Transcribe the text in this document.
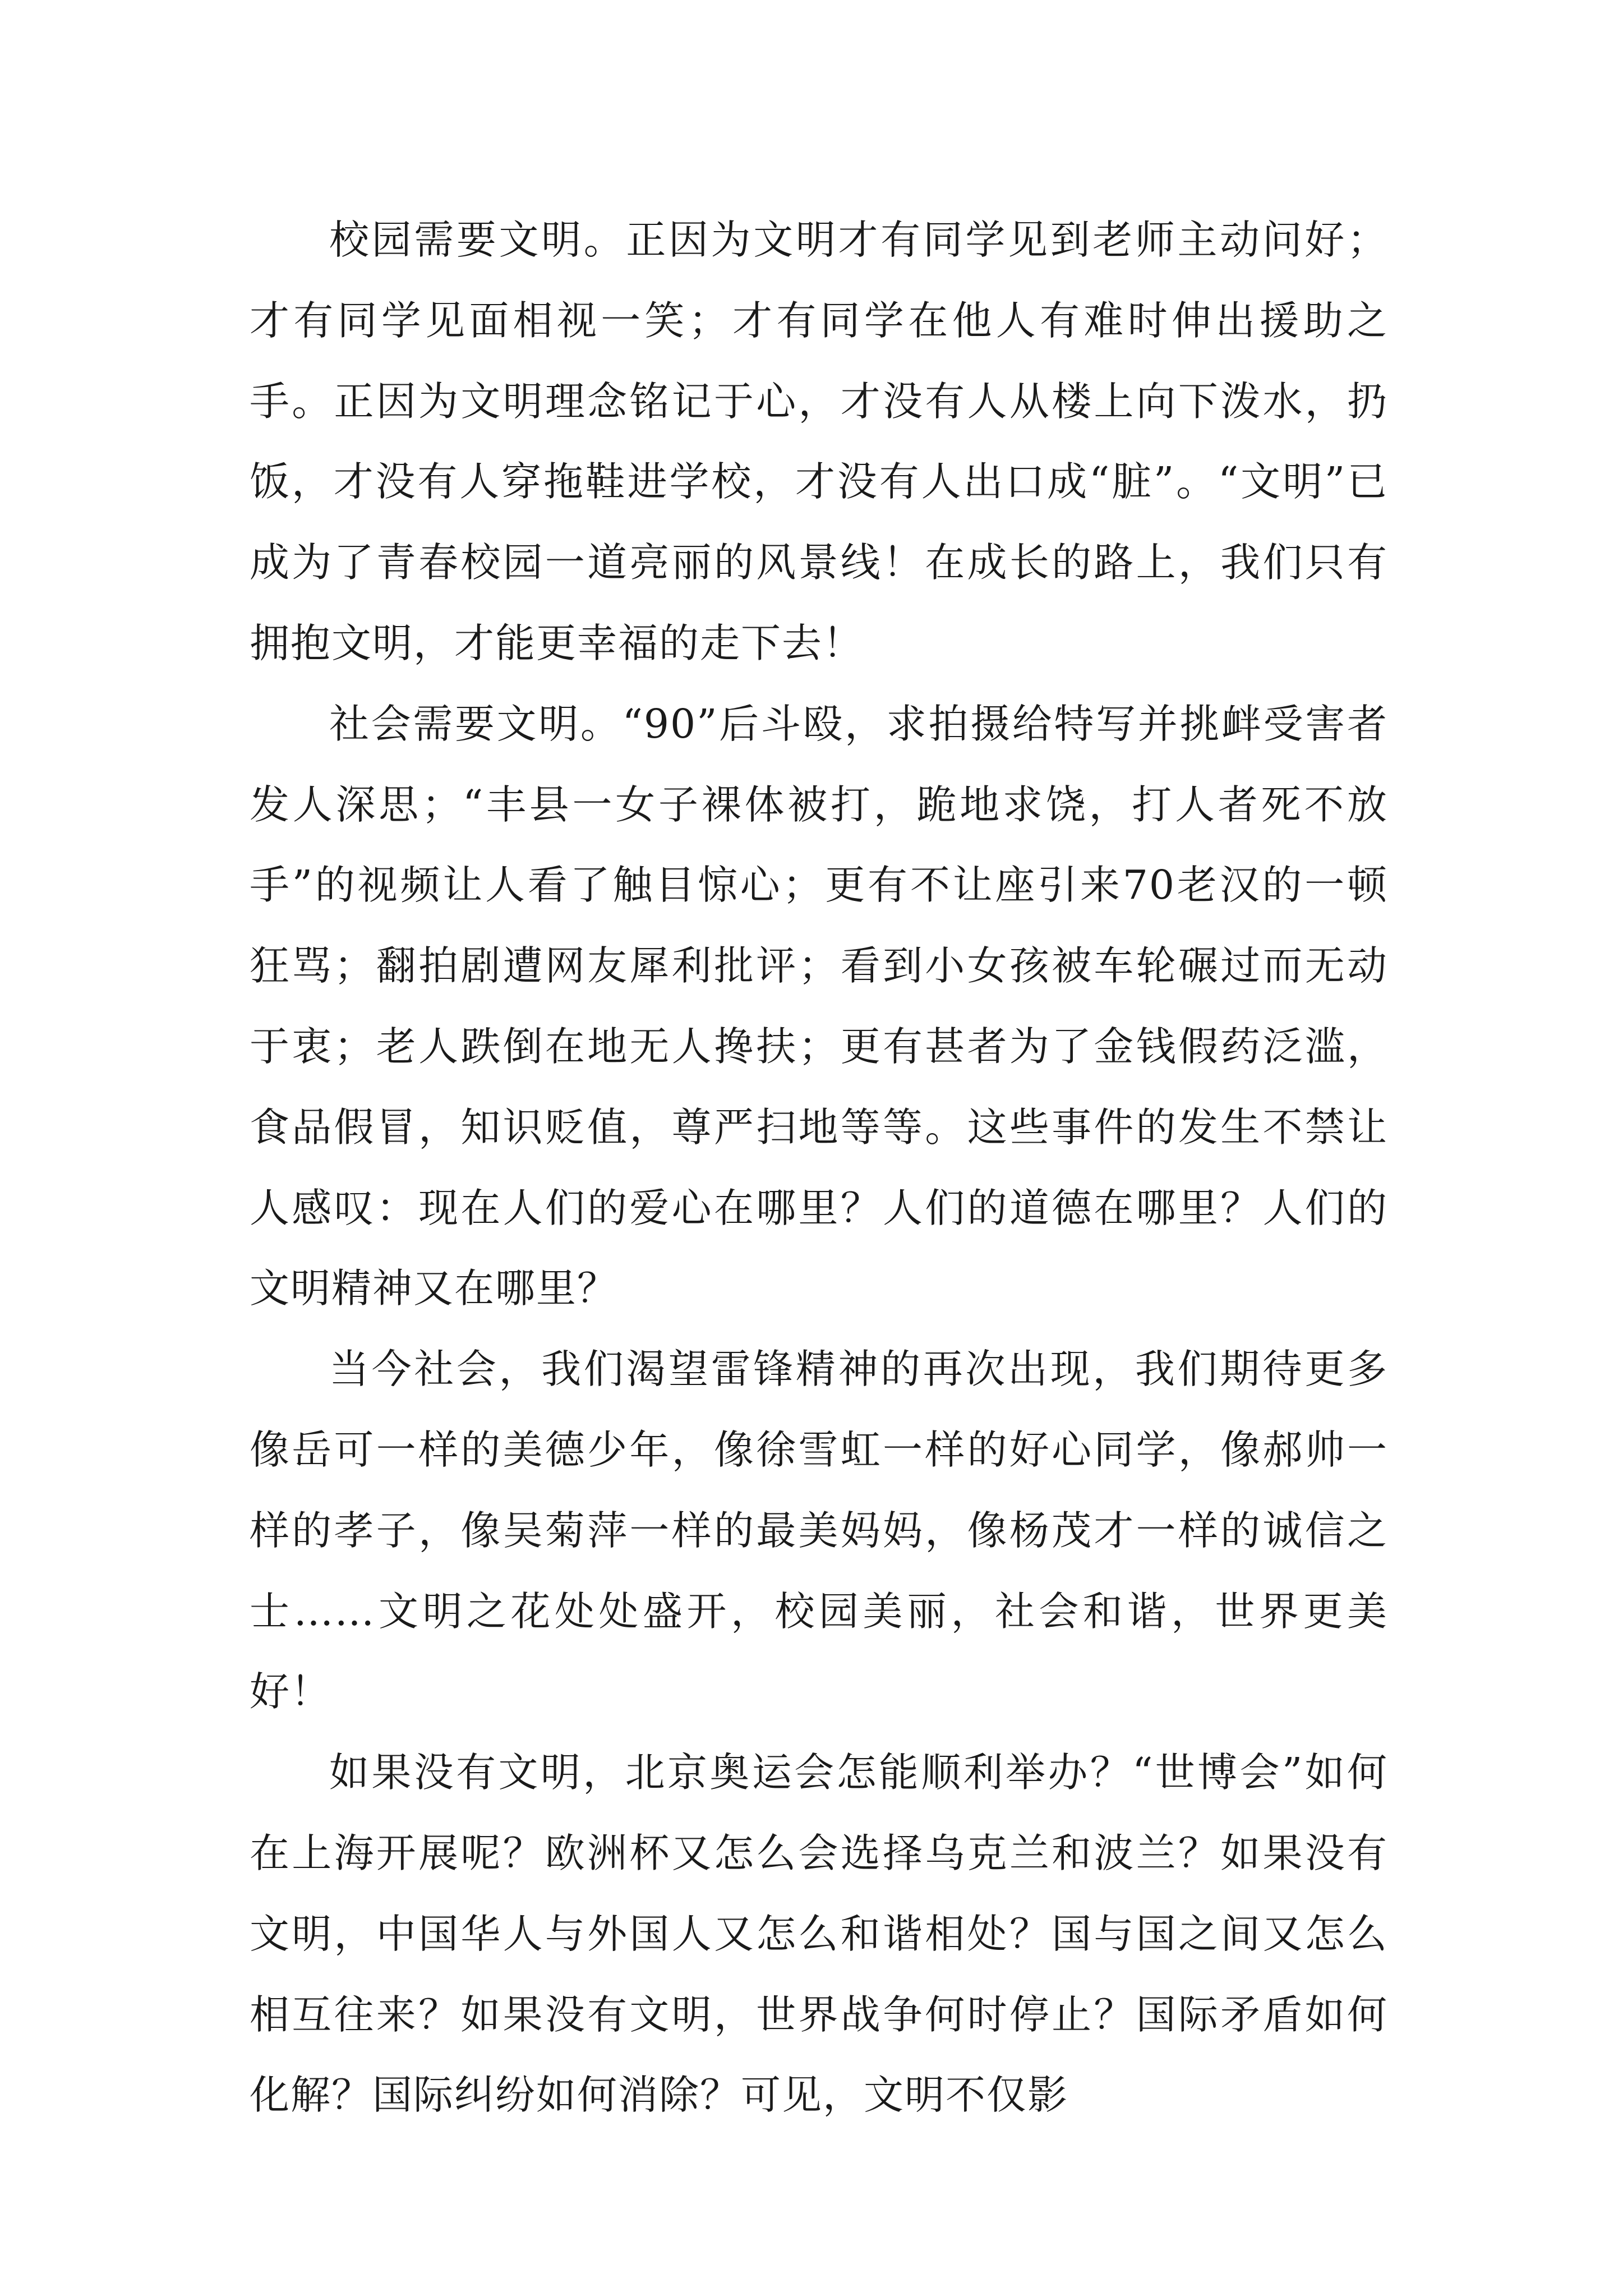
校园需要文明。正因为文明才有同学见到老师主动问好；才有同学见面相视一笑；才有同学在他人有难时伸出援助之手。正因为文明理念铭记于心，才没有人从楼上向下泼水，扔饭，才没有人穿拖鞋进学校，才没有人出口成“脏”。“文明”已成为了青春校园一道亮丽的风景线！在成长的路上，我们只有拥抱文明，才能更幸福的走下去！

社会需要文明。“90”后斗殴，求拍摄给特写并挑衅受害者发人深思；“丰县一女子裸体被打，跪地求饶，打人者死不放手”的视频让人看了触目惊心；更有不让座引来70老汉的一顿狂骂；翻拍剧遭网友犀利批评；看到小女孩被车轮碾过而无动于衷；老人跌倒在地无人搀扶；更有甚者为了金钱假药泛滥，食品假冒，知识贬值，尊严扫地等等。这些事件的发生不禁让人感叹：现在人们的爱心在哪里？人们的道德在哪里？人们的文明精神又在哪里？

当今社会，我们渴望雷锋精神的再次出现，我们期待更多像岳可一样的美德少年，像徐雪虹一样的好心同学，像郝帅一样的孝子，像吴菊萍一样的最美妈妈，像杨茂才一样的诚信之士……文明之花处处盛开，校园美丽，社会和谐，世界更美好！

如果没有文明，北京奥运会怎能顺利举办？“世博会”如何在上海开展呢？欧洲杯又怎么会选择乌克兰和波兰？如果没有文明，中国华人与外国人又怎么和谐相处？国与国之间又怎么相互往来？如果没有文明，世界战争何时停止？国际矛盾如何化解？国际纠纷如何消除？可见，文明不仅影
